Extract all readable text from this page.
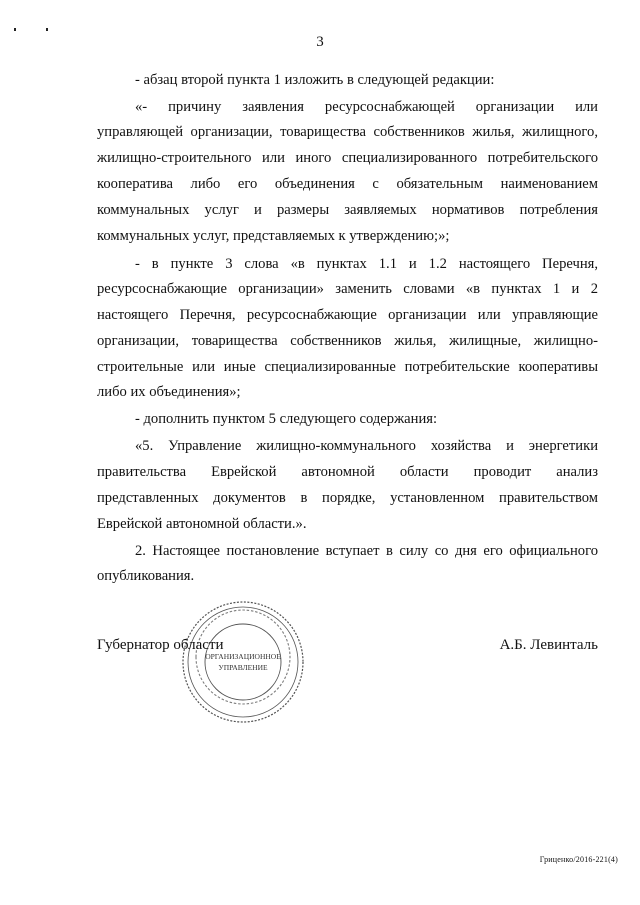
3
- абзац второй пункта 1 изложить в следующей редакции:
«- причину заявления ресурсоснабжающей организации или
управляющей организации, товарищества собственников жилья, жилищного,
жилищно-строительного или иного специализированного потребительского
кооператива либо его объединения с обязательным наименованием
коммунальных услуг и размеры заявляемых нормативов потребления
коммунальных услуг, представляемых к утверждению;»;
- в пункте 3 слова «в пунктах 1.1 и 1.2 настоящего Перечня,
ресурсоснабжающие организации» заменить словами «в пунктах 1 и 2
настоящего Перечня, ресурсоснабжающие организации или управляющие
организации, товарищества собственников жилья, жилищные, жилищно-
строительные или иные специализированные потребительские кооперативы
либо их объединения»;
- дополнить пунктом 5 следующего содержания:
«5. Управление жилищно-коммунального хозяйства и энергетики
правительства Еврейской автономной области проводит анализ
представленных документов в порядке, установленном правительством
Еврейской автономной области.».
2. Настоящее постановление вступает в силу со дня его официального
опубликования.
ОРГАНИЗАЦИОННОЕ
УПРАВЛЕНИЕ
Губернатор области	А.Б. Левинталь
Гриценко/2016-221(4)
